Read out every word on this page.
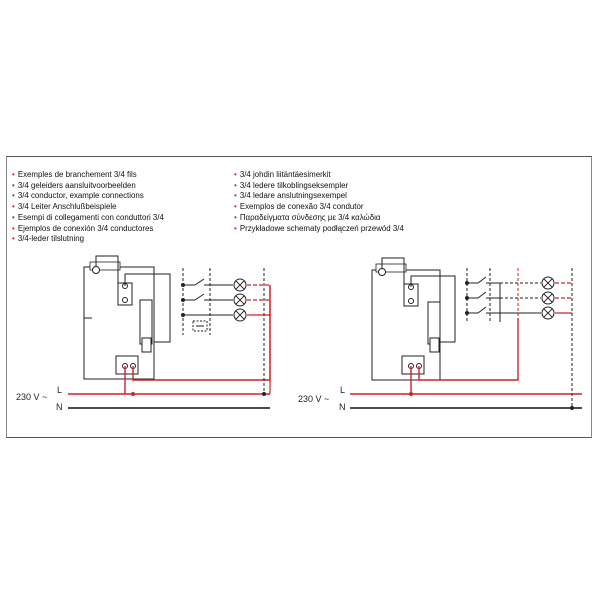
• Exemples de branchement 3/4 fils
• 3/4 geleiders aansluitvoorbeelden
• 3/4 conductor, example connections
• 3/4 Leiter Anschlußbeispiele
• Esempi di collegamenti con conduttori 3/4
• Ejemplos de conexión 3/4 conductores
• 3/4-leder tilslutning
• 3/4 johdin liitäntäesimerkit
• 3/4 ledere tilkoblingseksempler
• 3/4 ledare anslutningsexempel
• Exemplos de conexão 3/4 condutor
• Παραδείγματα σύνδεσης με 3/4 καλώδια
• Przykładowe schematy podłączeń przewód 3/4
230 V ~
L
N
230 V ~
L
N
